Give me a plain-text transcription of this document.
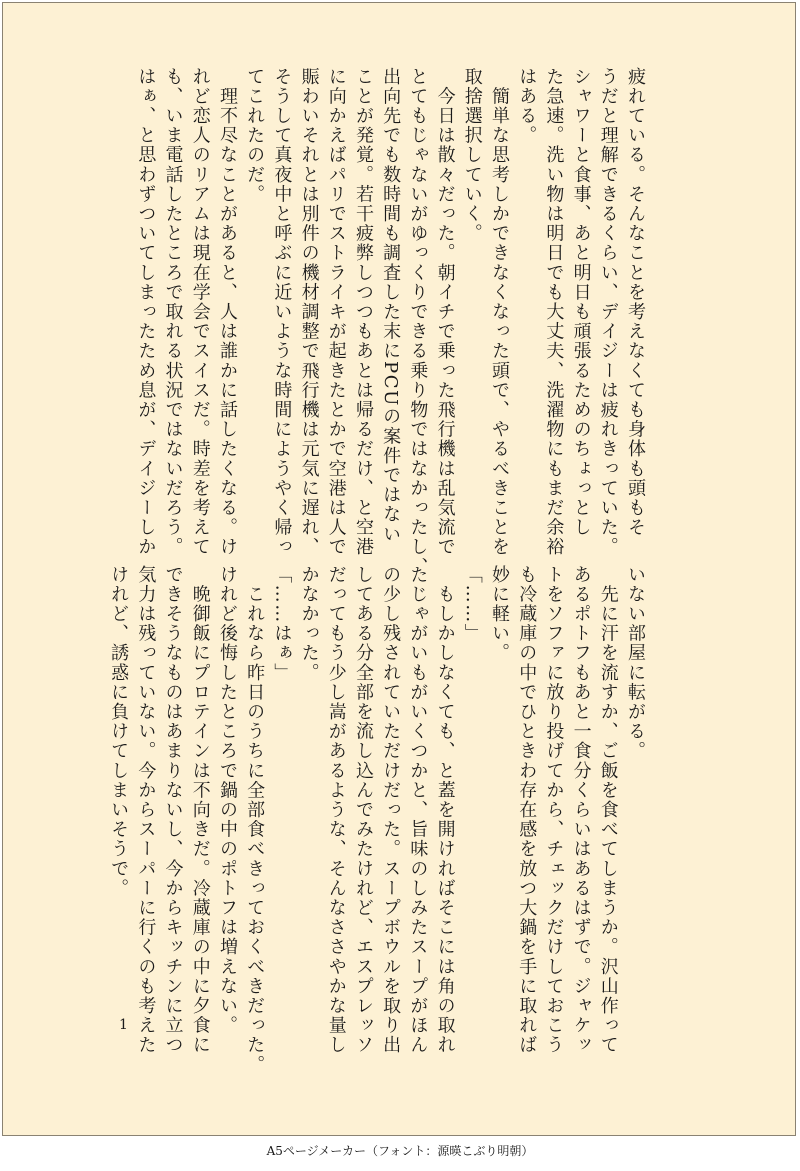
疲れている。そんなことを考えなくても身体も頭もそ
うだと理解できるくらい、デイジーは疲れきっていた。
シャワーと食事、あと明日も頑張るためのちょっとし
た急速。洗い物は明日でも大丈夫、洗濯物にもまだ余裕
はある。
　簡単な思考しかできなくなった頭で、やるべきことを
取捨選択していく。
　今日は散々だった。朝イチで乗った飛行機は乱気流で
とてもじゃないがゆっくりできる乗り物ではなかったし、
出向先でも数時間も調査した末にPCUの案件ではない
ことが発覚。若干疲弊しつつもあとは帰るだけ、と空港
に向かえばパリでストライキが起きたとかで空港は人で
賑わいそれとは別件の機材調整で飛行機は元気に遅れ、
そうして真夜中と呼ぶに近いような時間にようやく帰っ
てこれたのだ。
　理不尽なことがあると、人は誰かに話したくなる。け
れど恋人のリアムは現在学会でスイスだ。時差を考えて
も、いま電話したところで取れる状況ではないだろう。
はぁ、と思わずついてしまったため息が、デイジーしか
いない部屋に転がる。
　先に汗を流すか、ご飯を食べてしまうか。沢山作って
あるポトフもあと一食分くらいはあるはずで。ジャケッ
トをソファに放り投げてから、チェックだけしておこう
も冷蔵庫の中でひときわ存在感を放つ大鍋を手に取れば
妙に軽い。
「……」
　もしかしなくても、と蓋を開ければそこには角の取れ
たじゃがいもがいくつかと、旨味のしみたスープがほん
の少し残されていただけだった。スープボウルを取り出
してある分全部を流し込んでみたけれど、エスプレッソ
だってもう少し嵩があるような、そんなささやかな量し
かなかった。
「……はぁ」
　これなら昨日のうちに全部食べきっておくべきだった。
けれど後悔したところで鍋の中のポトフは増えない。
　晩御飯にプロテインは不向きだ。冷蔵庫の中に夕食に
できそうなものはあまりないし、今からキッチンに立つ
気力は残っていない。今からスーパーに行くのも考えた
けれど、誘惑に負けてしまいそうで。
1
A5ページメーカー（フォント：源暎こぶり明朝）
